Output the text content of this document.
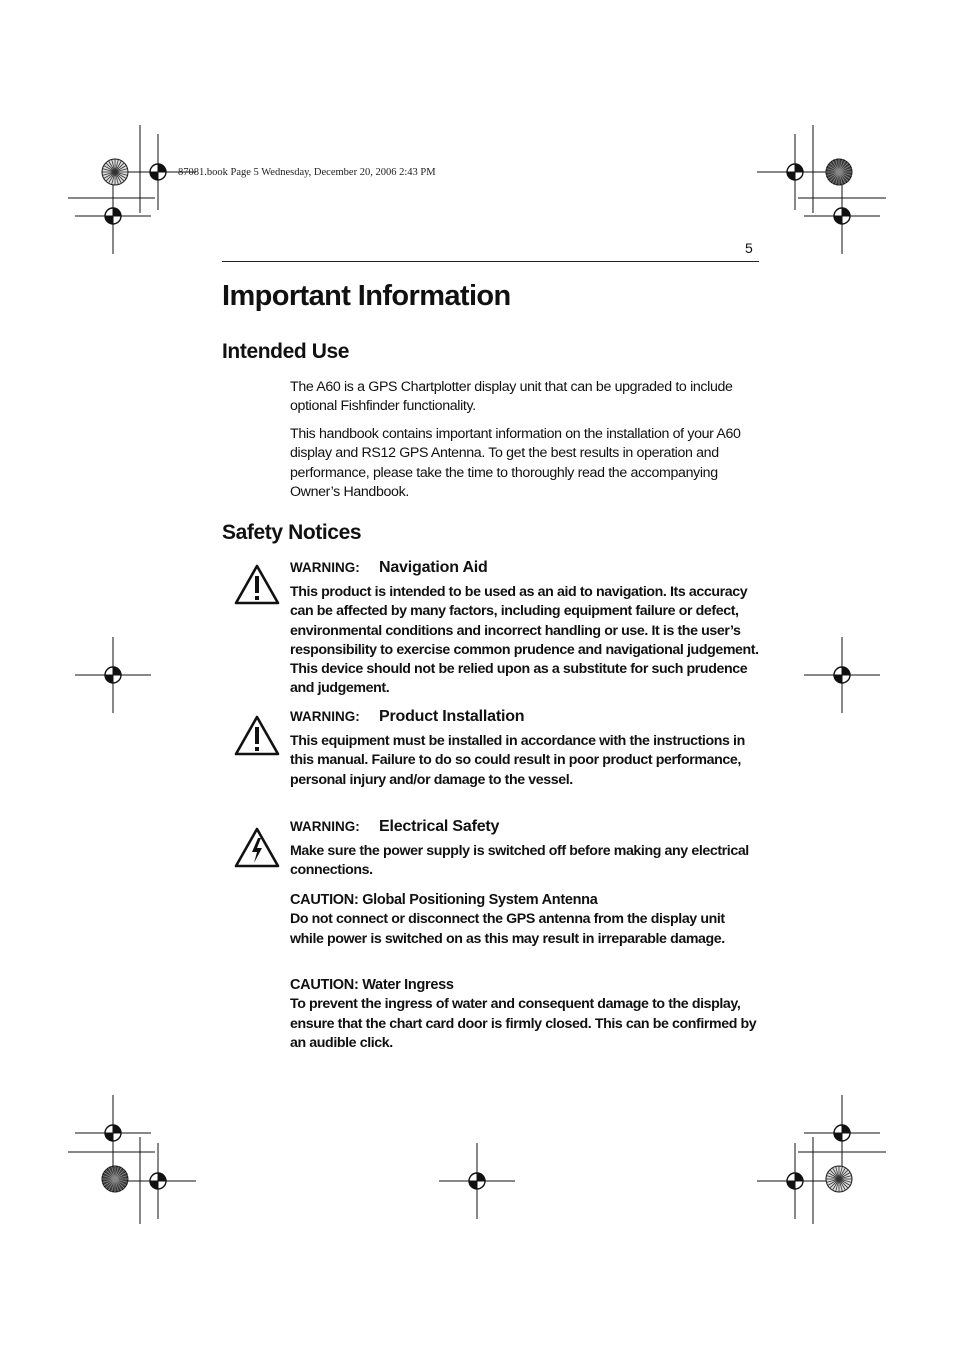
87081.book Page 5 Wednesday, December 20, 2006 2:43 PM
5
Important Information
Intended Use

The A60 is a GPS Chartplotter display unit that can be upgraded to include optional Fishfinder functionality.

This handbook contains important information on the installation of your A60 display and RS12 GPS Antenna. To get the best results in operation and performance, please take the time to thoroughly read the accompanying Owner’s Handbook.

Safety Notices
WARNING: Navigation Aid

This product is intended to be used as an aid to navigation. Its accuracy can be affected by many factors, including equipment failure or defect, environmental conditions and incorrect handling or use. It is the user’s responsibility to exercise common prudence and navigational judgement. This device should not be relied upon as a substitute for such prudence and judgement.

WARNING: Product Installation

This equipment must be installed in accordance with the instructions in this manual. Failure to do so could result in poor product performance, personal injury and/or damage to the vessel.

WARNING: Electrical Safety

Make sure the power supply is switched off before making any electrical connections.

CAUTION: Global Positioning System Antenna

Do not connect or disconnect the GPS antenna from the display unit while power is switched on as this may result in irreparable damage.

CAUTION: Water Ingress

To prevent the ingress of water and consequent damage to the display, ensure that the chart card door is firmly closed. This can be confirmed by an audible click.
